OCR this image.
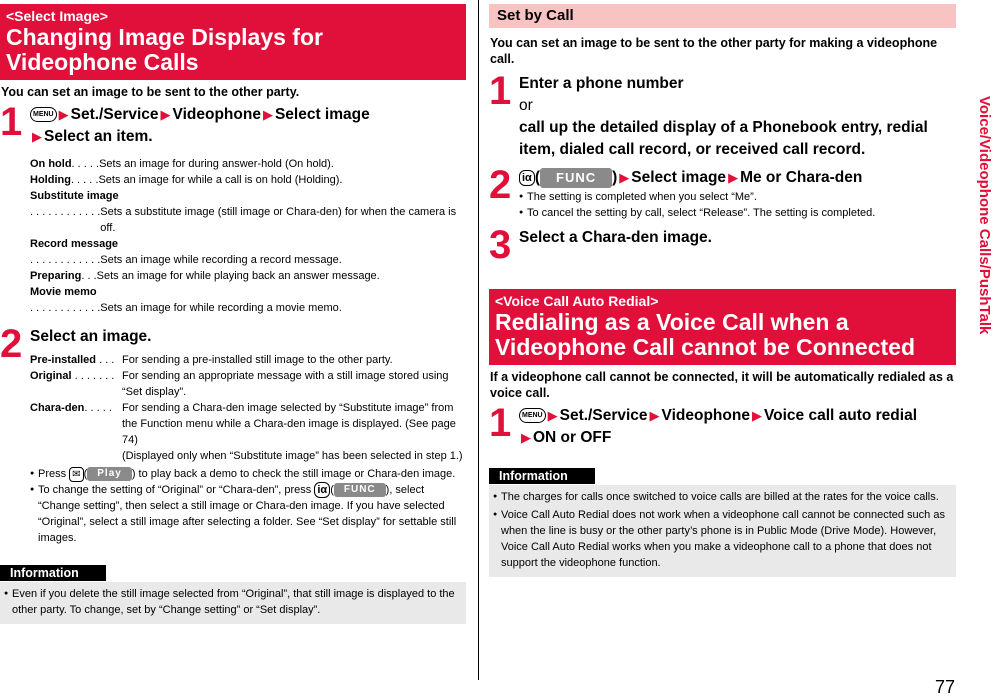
<Select Image>
Changing Image Displays for Videophone Calls
You can set an image to be sent to the other party.
1	MENU ▶ Set./Service ▶ Videophone ▶ Select image
▶ Select an item.
On hold . . . . . Sets an image for during answer-hold (On hold).
Holding . . . . . Sets an image for while a call is on hold (Holding).
Substitute image
. . . . . . . . . . . . Sets a substitute image (still image or Chara-den) for when the camera is off.
Record message
. . . . . . . . . . . . Sets an image while recording a record message.
Preparing . . . Sets an image for while playing back an answer message.
Movie memo
. . . . . . . . . . . . Sets an image for while recording a movie memo.
2 Select an image.
Pre-installed . . . For sending a pre-installed still image to the other party.
Original . . . . . . . For sending an appropriate message with a still image stored using “Set display”.
Chara-den. . . . . For sending a Chara-den image selected by “Substitute image” from the Function menu while a Chara-den image is displayed. (See page 74)
(Displayed only when “Substitute image” has been selected in step 1.)
● Press ✉ ( Play ) to play back a demo to check the still image or Chara-den image.
● To change the setting of “Original” or “Chara-den”, press iα ( FUNC ), select “Change setting”, then select a still image or Chara-den image. If you have selected “Original”, select a still image after selecting a folder. See “Set display” for settable still images.
Information
● Even if you delete the still image selected from “Original”, that still image is displayed to the other party. To change, set by “Change setting” or “Set display”.
Set by Call
You can set an image to be sent to the other party for making a videophone call.
1 Enter a phone number
or
call up the detailed display of a Phonebook entry, redial item, dialed call record, or received call record.
2 iα ( FUNC ) ▶ Select image ▶ Me or Chara-den
● The setting is completed when you select “Me”.
● To cancel the setting by call, select “Release”. The setting is completed.
3 Select a Chara-den image.
<Voice Call Auto Redial>
Redialing as a Voice Call when a Videophone Call cannot be Connected
If a videophone call cannot be connected, it will be automatically redialed as a voice call.
1	MENU ▶ Set./Service ▶ Videophone ▶ Voice call auto redial
▶ ON or OFF
Information
● The charges for calls once switched to voice calls are billed at the rates for the voice calls.
● Voice Call Auto Redial does not work when a videophone call cannot be connected such as when the line is busy or the other party’s phone is in Public Mode (Drive Mode). However, Voice Call Auto Redial works when you make a videophone call to a phone that does not support the videophone function.
Voice/Videophone Calls/PushTalk
77
